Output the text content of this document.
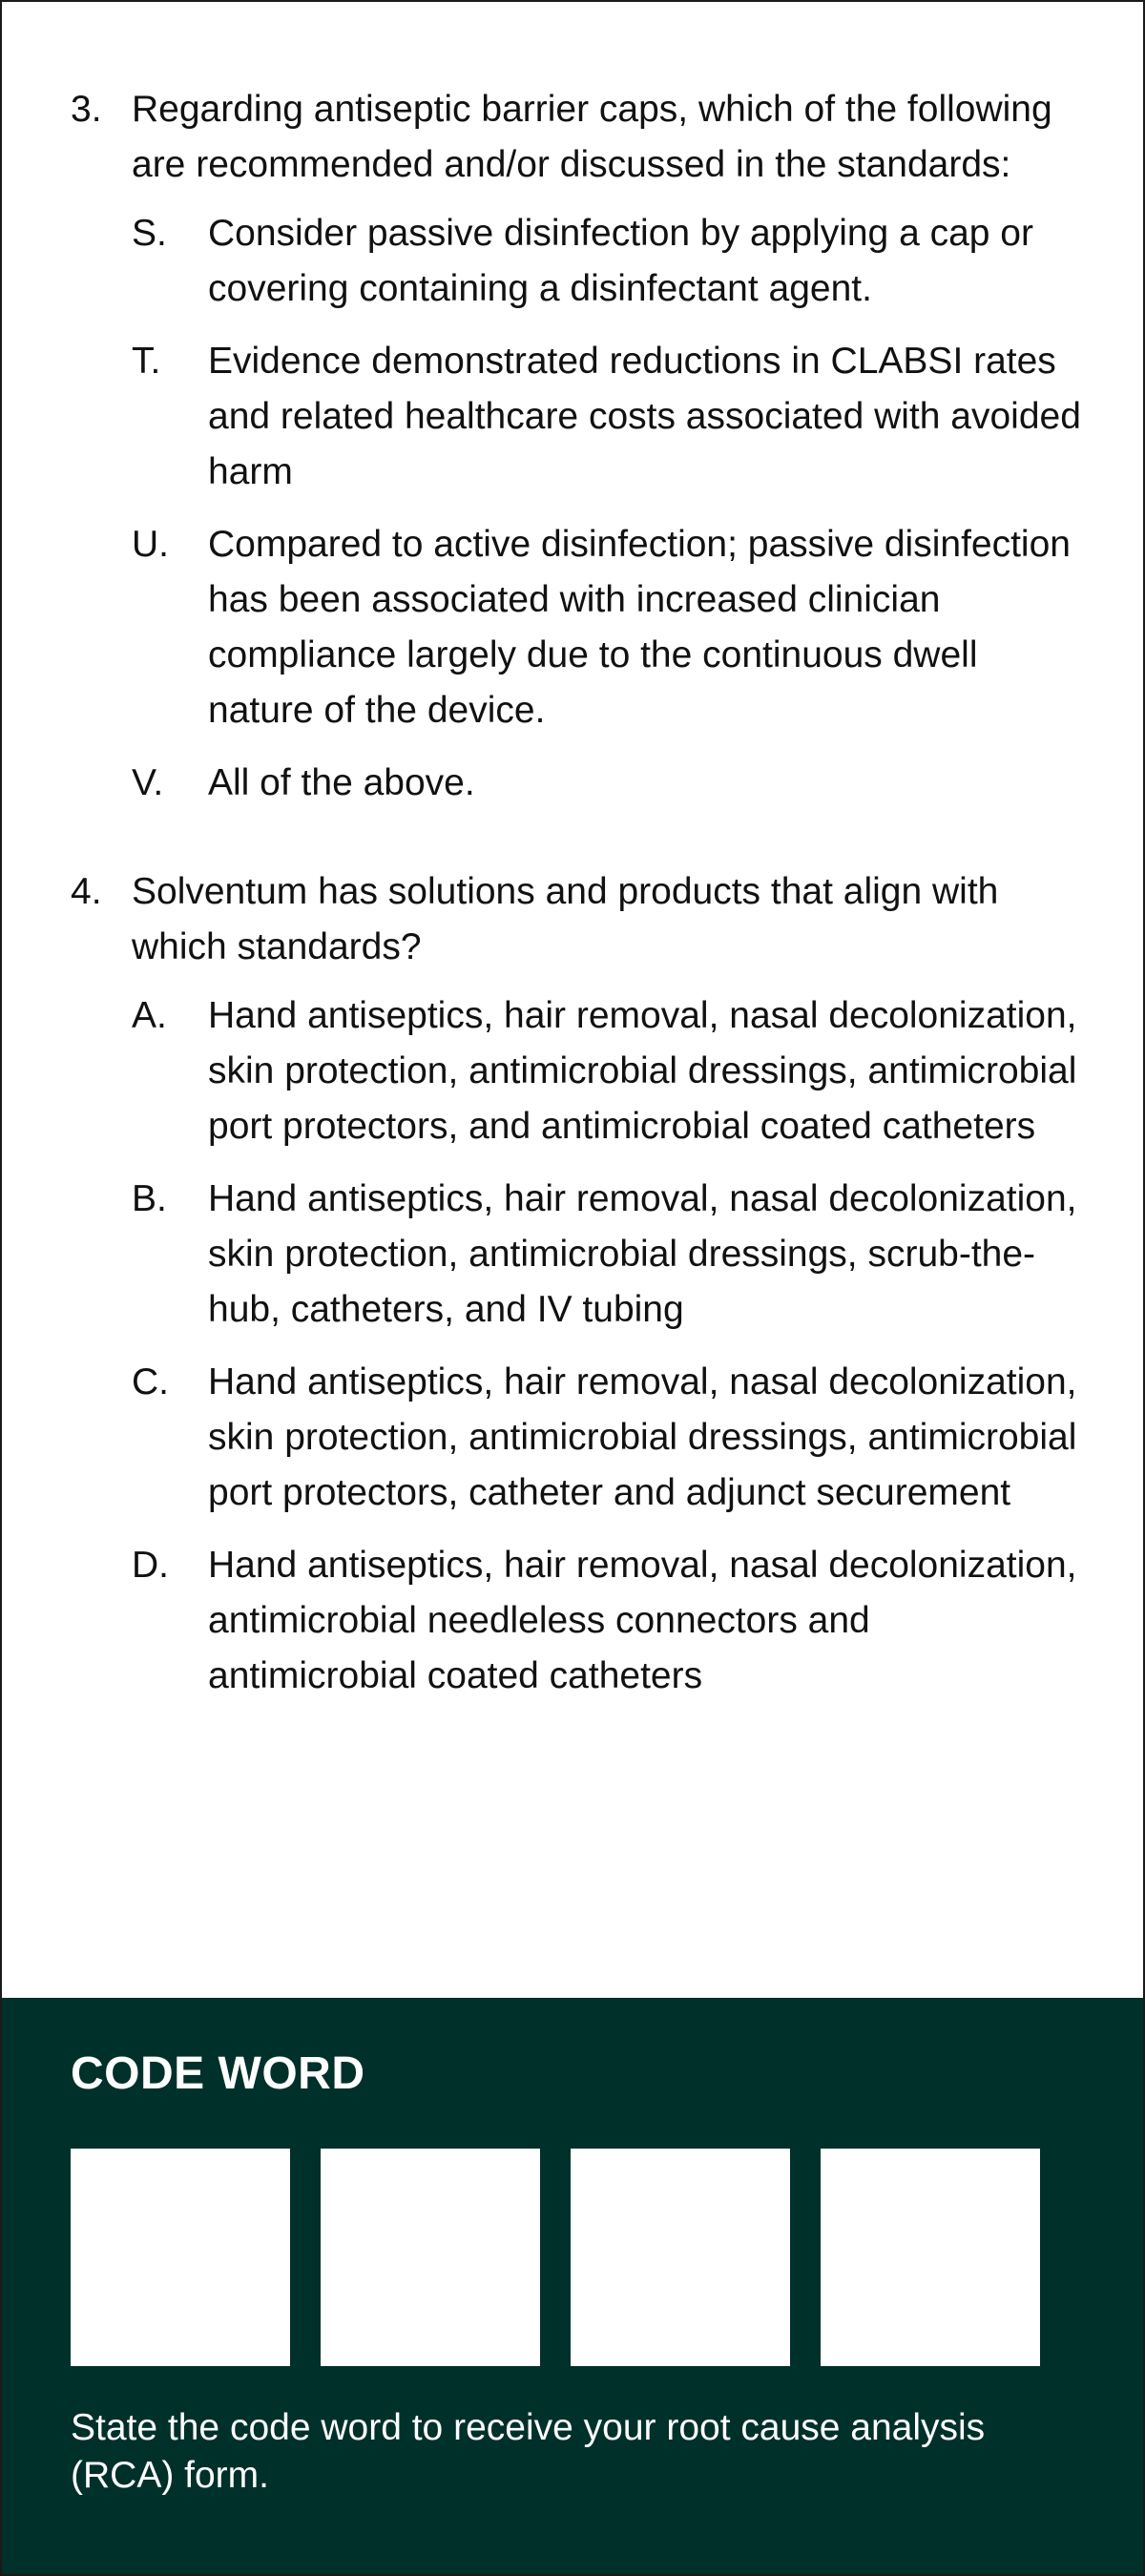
3. Regarding antiseptic barrier caps, which of the following are recommended and/or discussed in the standards:
S.	Consider passive disinfection by applying a cap or covering containing a disinfectant agent.
T.	Evidence demonstrated reductions in CLABSI rates and related healthcare costs associated with avoided harm
U.	Compared to active disinfection; passive disinfection has been associated with increased clinician compliance largely due to the continuous dwell nature of the device.
V.	All of the above.
4. Solventum has solutions and products that align with which standards?
A.	Hand antiseptics, hair removal, nasal decolonization, skin protection, antimicrobial dressings, antimicrobial port protectors, and antimicrobial coated catheters
B.	Hand antiseptics, hair removal, nasal decolonization, skin protection, antimicrobial dressings, scrub-the-hub, catheters, and IV tubing
C.	Hand antiseptics, hair removal, nasal decolonization, skin protection, antimicrobial dressings, antimicrobial port protectors, catheter and adjunct securement
D.	Hand antiseptics, hair removal, nasal decolonization, antimicrobial needleless connectors and antimicrobial coated catheters
CODE WORD
State the code word to receive your root cause analysis (RCA) form.
